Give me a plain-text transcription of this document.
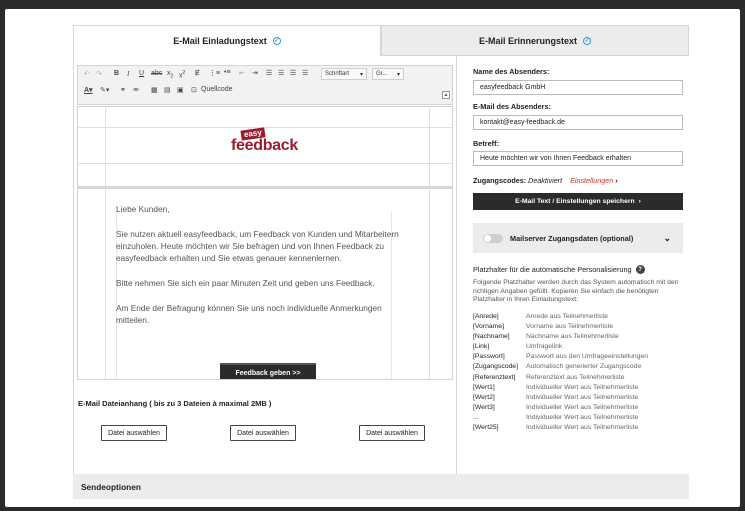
E-Mail Einladungstext ✓	E-Mail Erinnerungstext ✓
↶ ↷ B I U abc $x_2$ $x^2$ Ɇ ⋮≡ •≡ ⇤ ⇥ ☰ ☰ ☰ ☰	Schriftart ▾ Gr... ▾
A▾ ✎▾ ⚭ ⚮ ▦ ▤ ▣ ⊡ Quellcode
▲
easy
feedback

Liebe Kunden,

Sie nutzen aktuell easyfeedback, um Feedback von Kunden und Mitarbeitern einzuholen. Heute möchten wir Sie befragen und von Ihnen Feedback zu easyfeedback erhalten und Sie etwas genauer kennenlernen.

Bitte nehmen Sie sich ein paar Minuten Zeit und geben uns Feedback.

Am Ende der Befragung können Sie uns noch individuelle Anmerkungen mitteilen.

Feedback geben >>
E-Mail Dateianhang ( bis zu 3 Dateien à maximal 2MB )
Datei auswählen	Datei auswählen	Datei auswählen
Name des Absenders:
easyfeedback GmbH
E-Mail des Absenders:
kontakt@easy-feedback.de
Betreff:
Heute möchten wir von Ihnen Feedback erhalten
Zugangscodes: Deaktiviert Einstellungen ›
E-Mail Text / Einstellungen speichern ›
Mailserver Zugangsdaten (optional)	⌄
Platzhalter für die automatische Personalisierung	?
Folgende Platzhalter werden durch das System automatisch mit den richtigen Angaben gefüllt. Kopieren Sie einfach die benötigten Platzhalter in Ihren Einladungstext:
[Anrede]	Anrede aus Teilnehmerliste
[Vorname]	Vorname aus Teilnehmerliste
[Nachname]	Nachname aus Teilnehmerliste
[Link]	Umfragelink
[Passwort]	Passwort aus den Umfrageeinstellungen
[Zugangscode]	Automatisch generierter Zugangscode
[Referenztext]	Referenztext aus Teilnehmerliste
[Wert1]	Individueller Wert aus Teilnehmerliste
[Wert2]	Individueller Wert aus Teilnehmerliste
[Wert3]	Individueller Wert aus Teilnehmerliste
...	Individueller Wert aus Teilnehmerliste
[Wert25]	Individueller Wert aus Teilnehmerliste
Sendeoptionen
